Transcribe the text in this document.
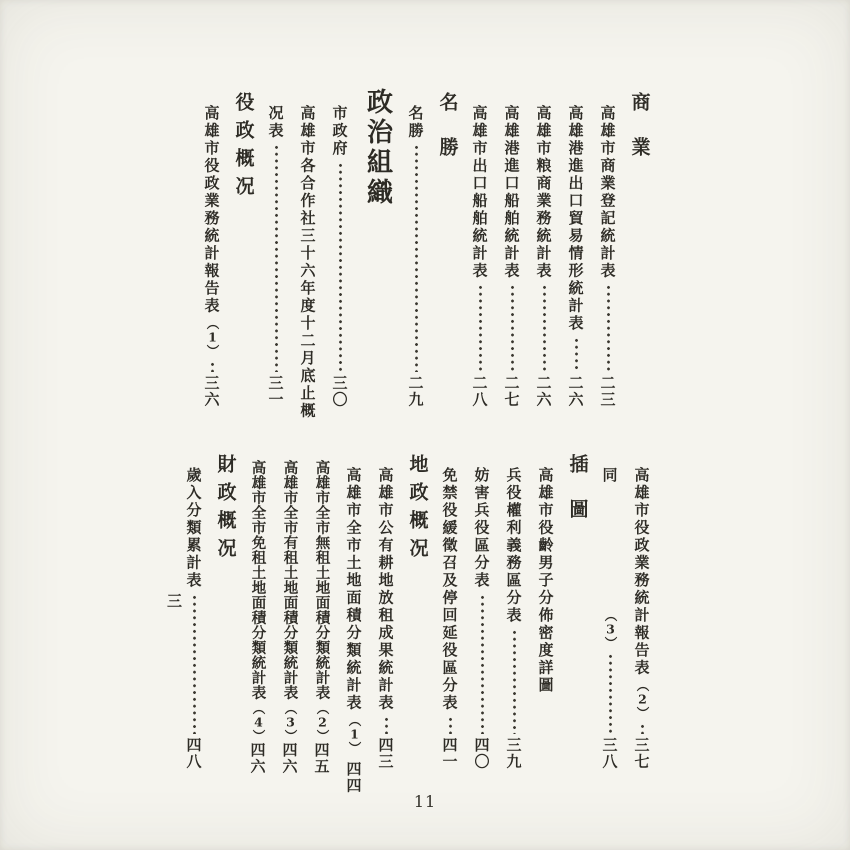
商業
高雄市商業登記統計表
二三
高雄港進出口貿易情形統計表
二六
高雄市粮商業務統計表
二六
高雄港進口船舶統計表
二七
高雄市出口船舶統計表
二八
名勝
名勝
二九
政治組織
市政府
三〇
高雄市各合作社三十六年度十二月底止概
况表
三一
役政概况
高雄市役政業務統計報告表
︵1︶
三六
高雄市役政業務統計報告表
︵2︶
三七
同
︵3︶
三八
插圖
高雄市役齡男子分佈密度詳圖
兵役權利義務區分表
三九
妨害兵役區分表
四〇
免禁役緩徵召及停回延役區分表
四一
地政概况
高雄市公有耕地放租成果統計表
四三
高雄市全市土地面積分類統計表
︵1︶
四四
高雄市全市無租土地面積分類統計表
︵2︶
四五
高雄市全市有租土地面積分類統計表
︵3︶
四六
高雄市全市免租土地面積分類統計表
︵4︶
四六
財政概况
歲入分類累計表
四八
三
11
